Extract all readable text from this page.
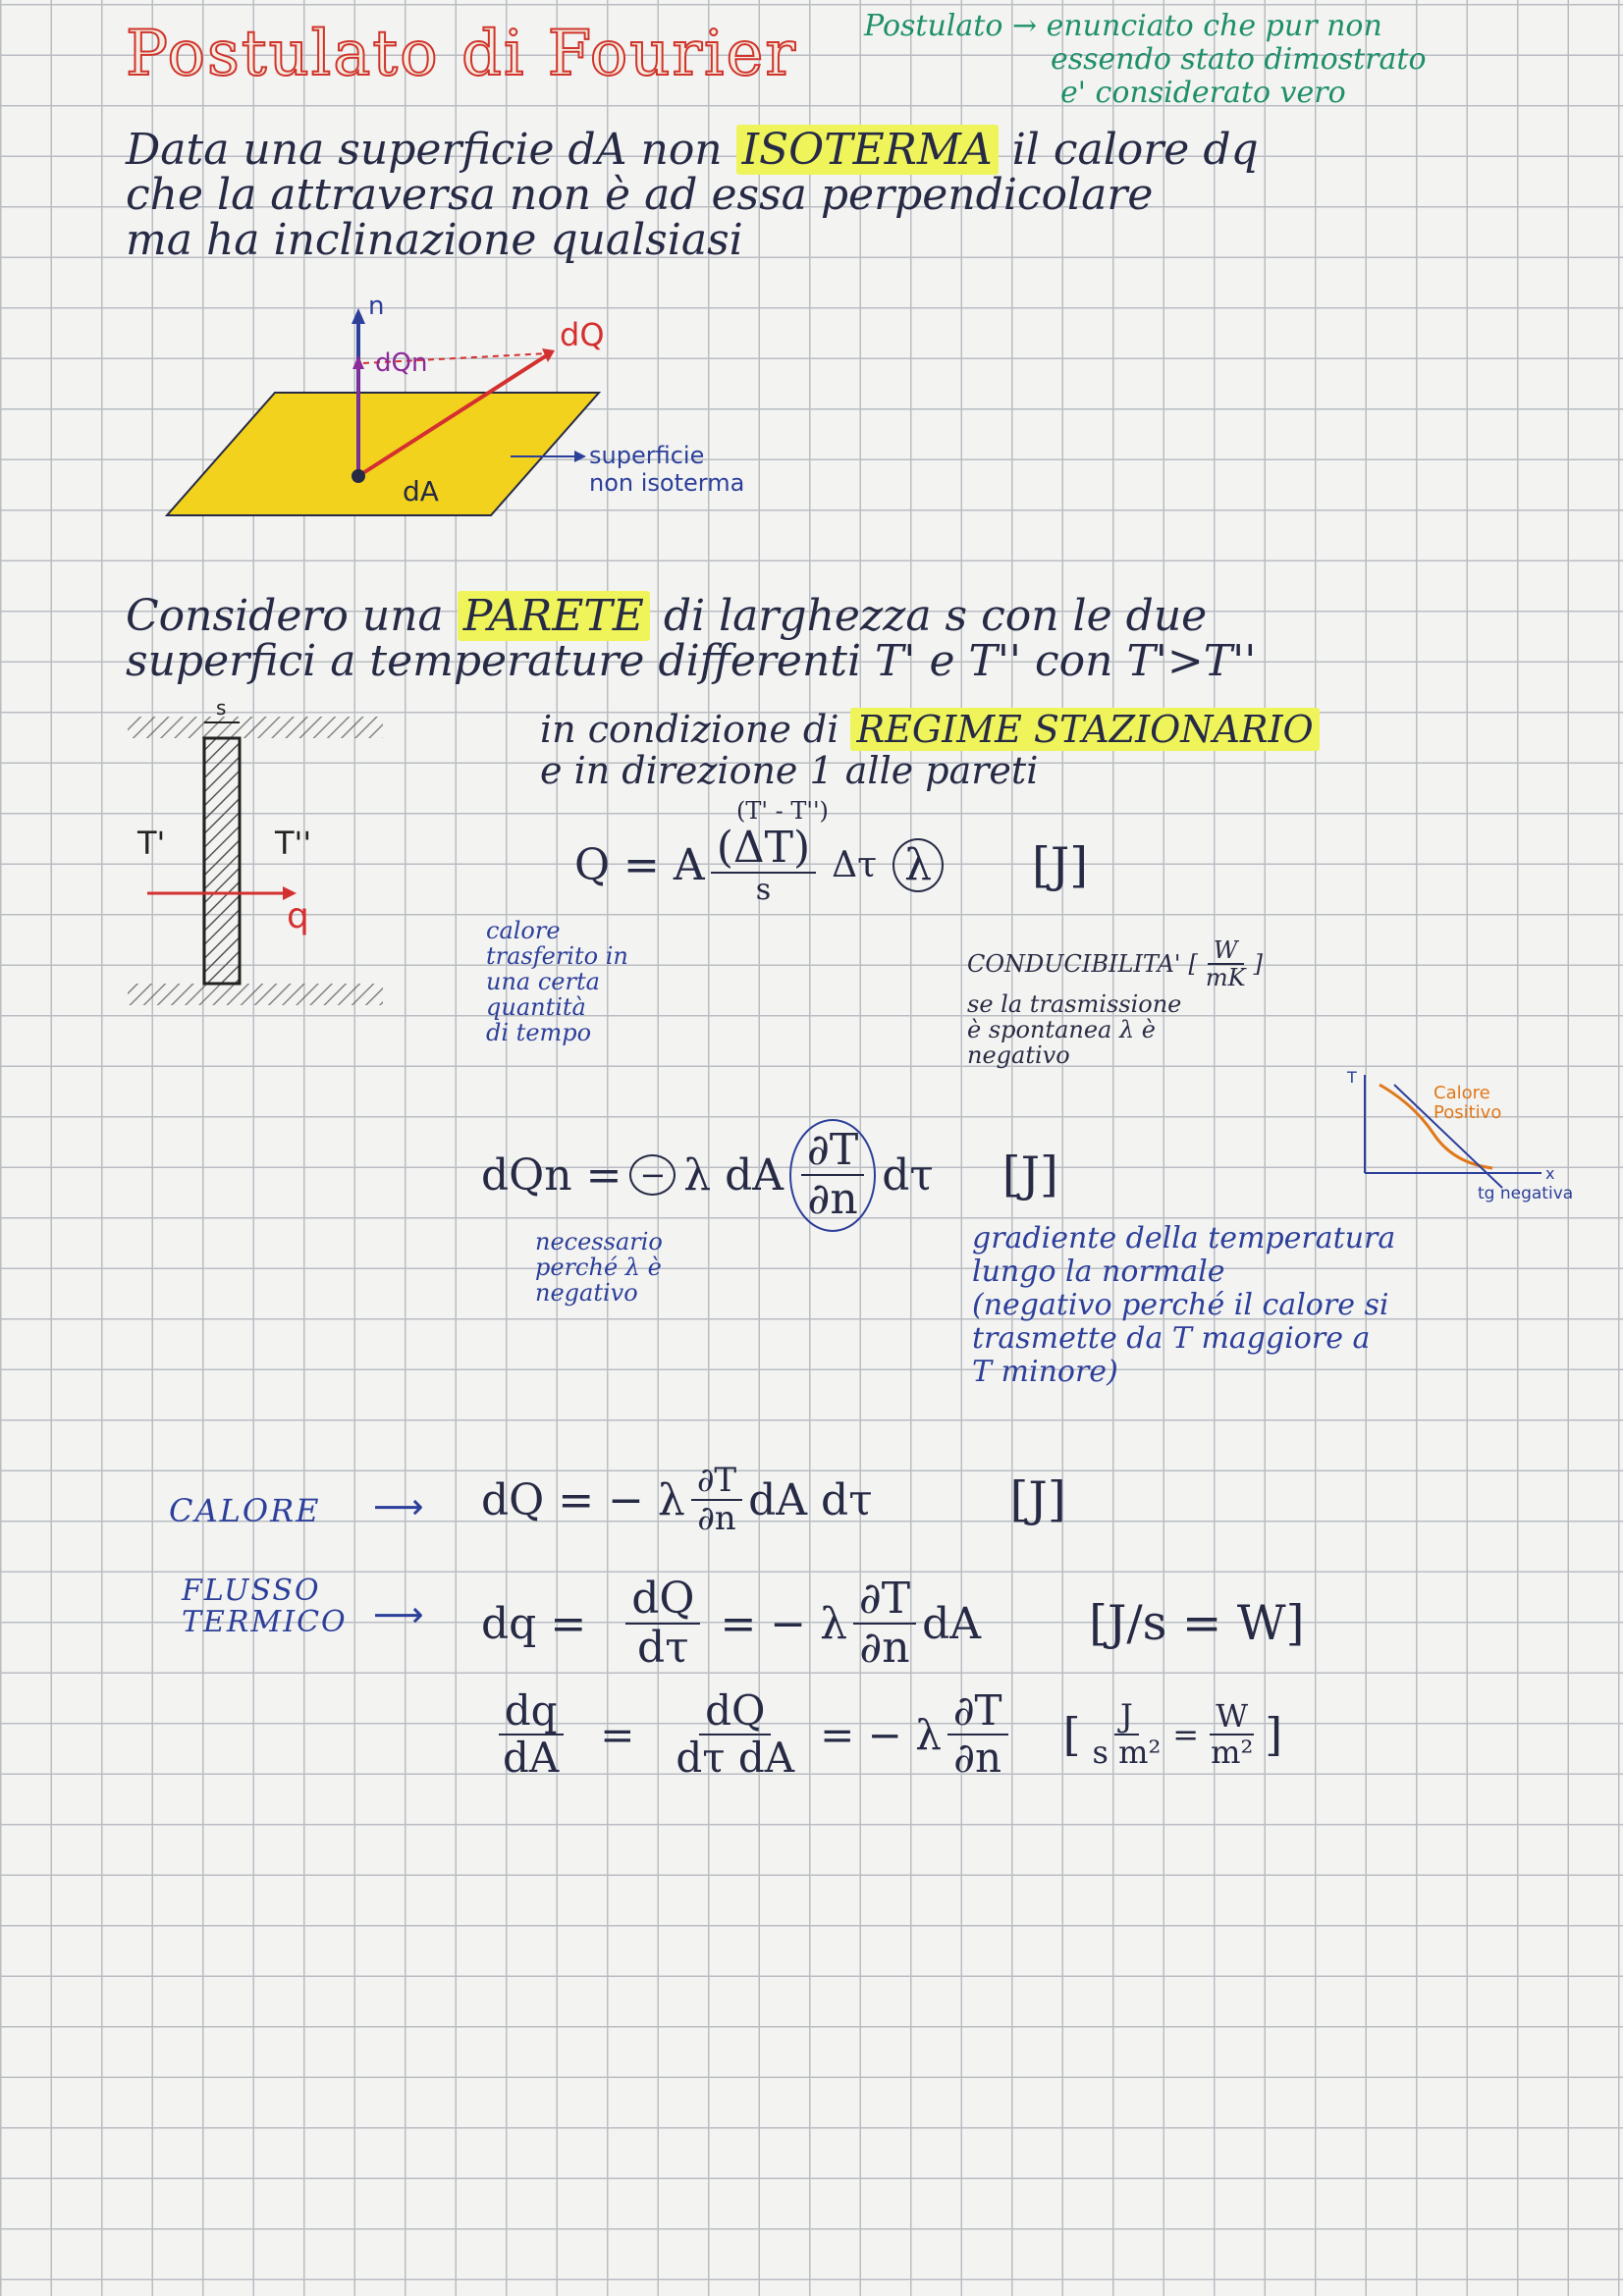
Postulato di Fourier Postulato → enunciato che pur non
essendo stato dimostrato
e' considerato vero
Data una superficie dA non ISOTERMA il calore dq
che la attraversa non è ad essa perpendicolare
ma ha inclinazione qualsiasi
n
dQn
dQ
dA
superficie
non isoterma
Considero una PARETE di larghezza s con le due
superfici a temperature differenti T' e T'' con T'>T''
s
T'	T''
q
in condizione di REGIME STAZIONARIO
e in direzione 1 alle pareti
(T' - T'')
Q = A $\frac{(\Delta T)}{s}$ Δτ λ [J]
calore
trasferito in
una certa
quantità
di tempo
CONDUCIBILITA' [ $\frac{W}{mK}$ ]
se la trasmissione
è spontanea λ è
negativo
dQn = − λ dA $\frac{\partial T}{\partial n}$ dτ [J]
necessario
perché λ è
negativo
gradiente della temperatura
lungo la normale
(negativo perché il calore si
trasmette da T maggiore a
T minore)
T
x
Calore
Positivo
tg negativa
CALORE ⟶ dQ = − λ $\frac{\partial T}{\partial n}$ dA dτ	[J]
FLUSSO
TERMICO ⟶ dq = $\frac{dQ}{d\tau}$ = − λ $\frac{\partial T}{\partial n}$ dA [J/s = W]
$\frac{dq}{dA} = \frac{dQ}{\text{dτ dA}}$ = − λ $\frac{\partial T}{\partial n}$ [ $\frac{J}{\text{s m²}} = \frac{W}{\text{m²}}$ ]
